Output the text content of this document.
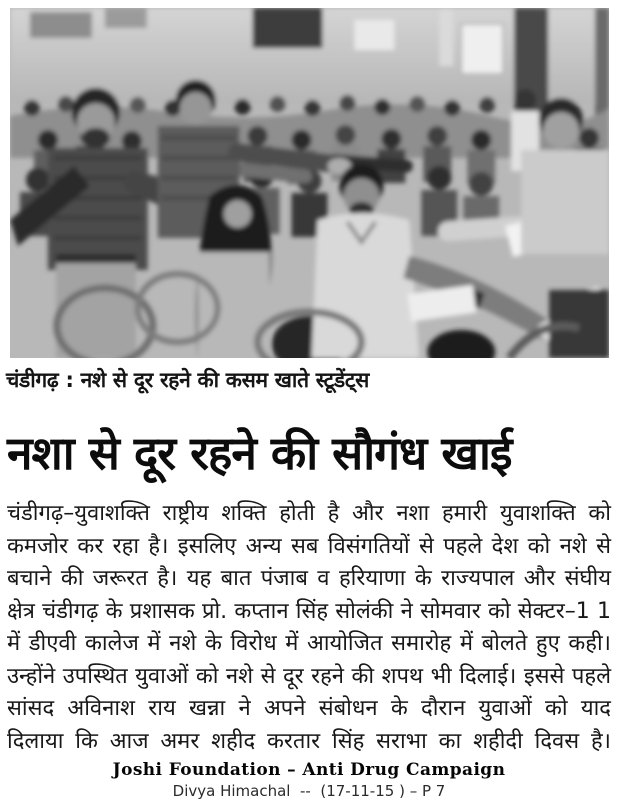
चंडीगढ़ : नशे से दूर रहने की कसम खाते स्टूडेंट्स
नशा से दूर रहने की सौगंध खाई
चंडीगढ़–युवाशक्ति राष्ट्रीय शक्ति होती है और नशा हमारी युवाशक्ति को
कमजोर कर रहा है। इसलिए अन्य सब विसंगतियों से पहले देश को नशे से
बचाने की जरूरत है। यह बात पंजाब व हरियाणा के राज्यपाल और संघीय
क्षेत्र चंडीगढ़ के प्रशासक प्रो. कप्तान सिंह सोलंकी ने सोमवार को सेक्टर–1 1
में डीएवी कालेज में नशे के विरोध में आयोजित समारोह में बोलते हुए कही।
उन्होंने उपस्थित युवाओं को नशे से दूर रहने की शपथ भी दिलाई। इससे पहले
सांसद अविनाश राय खन्ना ने अपने संबोधन के दौरान युवाओं को याद
दिलाया कि आज अमर शहीद करतार सिंह सराभा का शहीदी दिवस है।
Joshi Foundation – Anti Drug Campaign
Divya Himachal  --  (17-11-15 ) – P 7
